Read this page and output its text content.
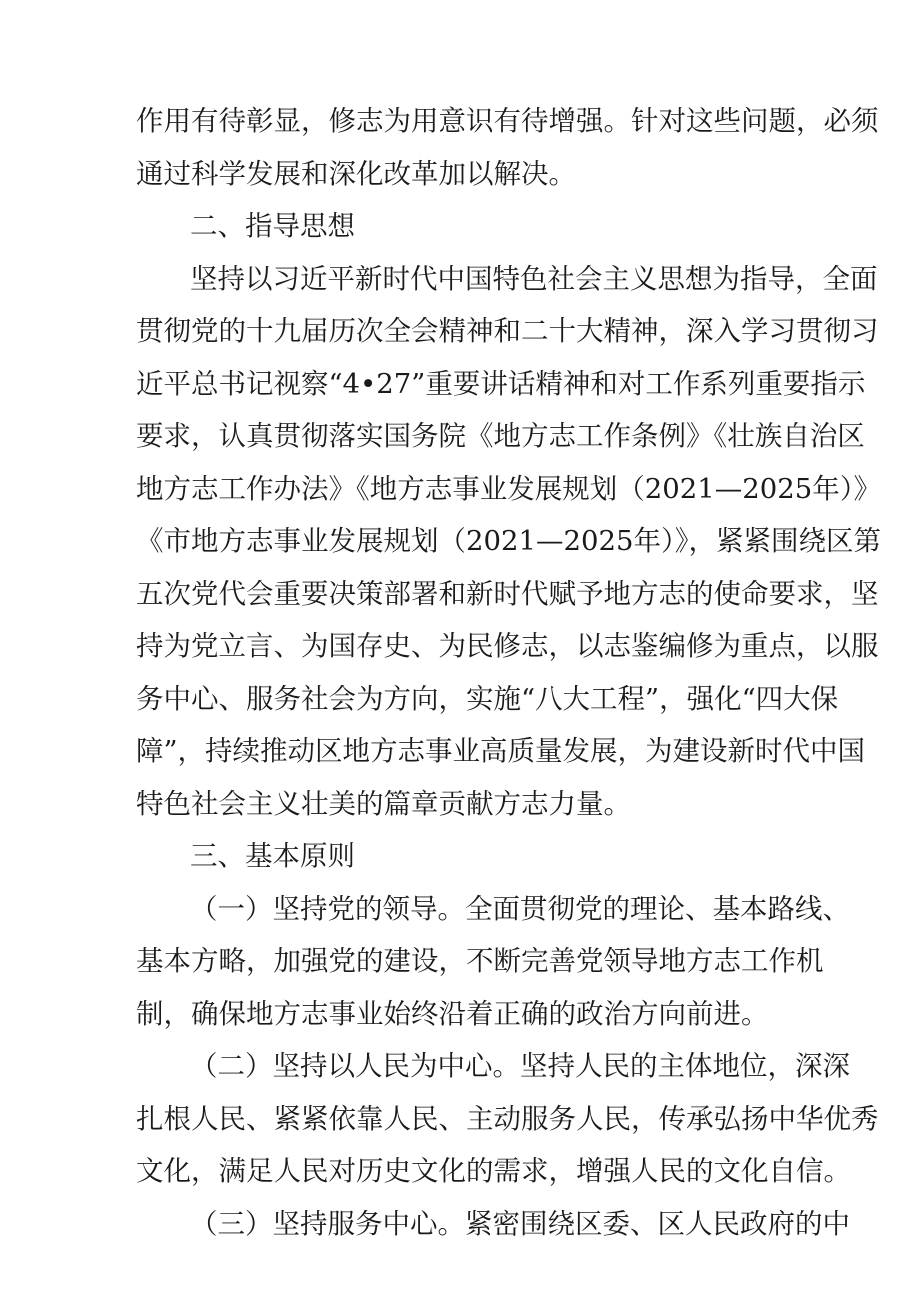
作用有待彰显，修志为用意识有待增强。针对这些问题，必须
通过科学发展和深化改革加以解决。
二、指导思想
坚持以习近平新时代中国特色社会主义思想为指导，全面
贯彻党的十九届历次全会精神和二十大精神，深入学习贯彻习
近平总书记视察“4•27”重要讲话精神和对工作系列重要指示
要求，认真贯彻落实国务院《地方志工作条例》《壮族自治区
地方志工作办法》《地方志事业发展规划（2021—2025年）》
《市地方志事业发展规划（2021—2025年）》，紧紧围绕区第
五次党代会重要决策部署和新时代赋予地方志的使命要求，坚
持为党立言、为国存史、为民修志，以志鉴编修为重点，以服
务中心、服务社会为方向，实施“八大工程”，强化“四大保
障”，持续推动区地方志事业高质量发展，为建设新时代中国
特色社会主义壮美的篇章贡献方志力量。
三、基本原则
（一）坚持党的领导。全面贯彻党的理论、基本路线、
基本方略，加强党的建设，不断完善党领导地方志工作机
制，确保地方志事业始终沿着正确的政治方向前进。
（二）坚持以人民为中心。坚持人民的主体地位，深深
扎根人民、紧紧依靠人民、主动服务人民，传承弘扬中华优秀
文化，满足人民对历史文化的需求，增强人民的文化自信。
（三）坚持服务中心。紧密围绕区委、区人民政府的中
